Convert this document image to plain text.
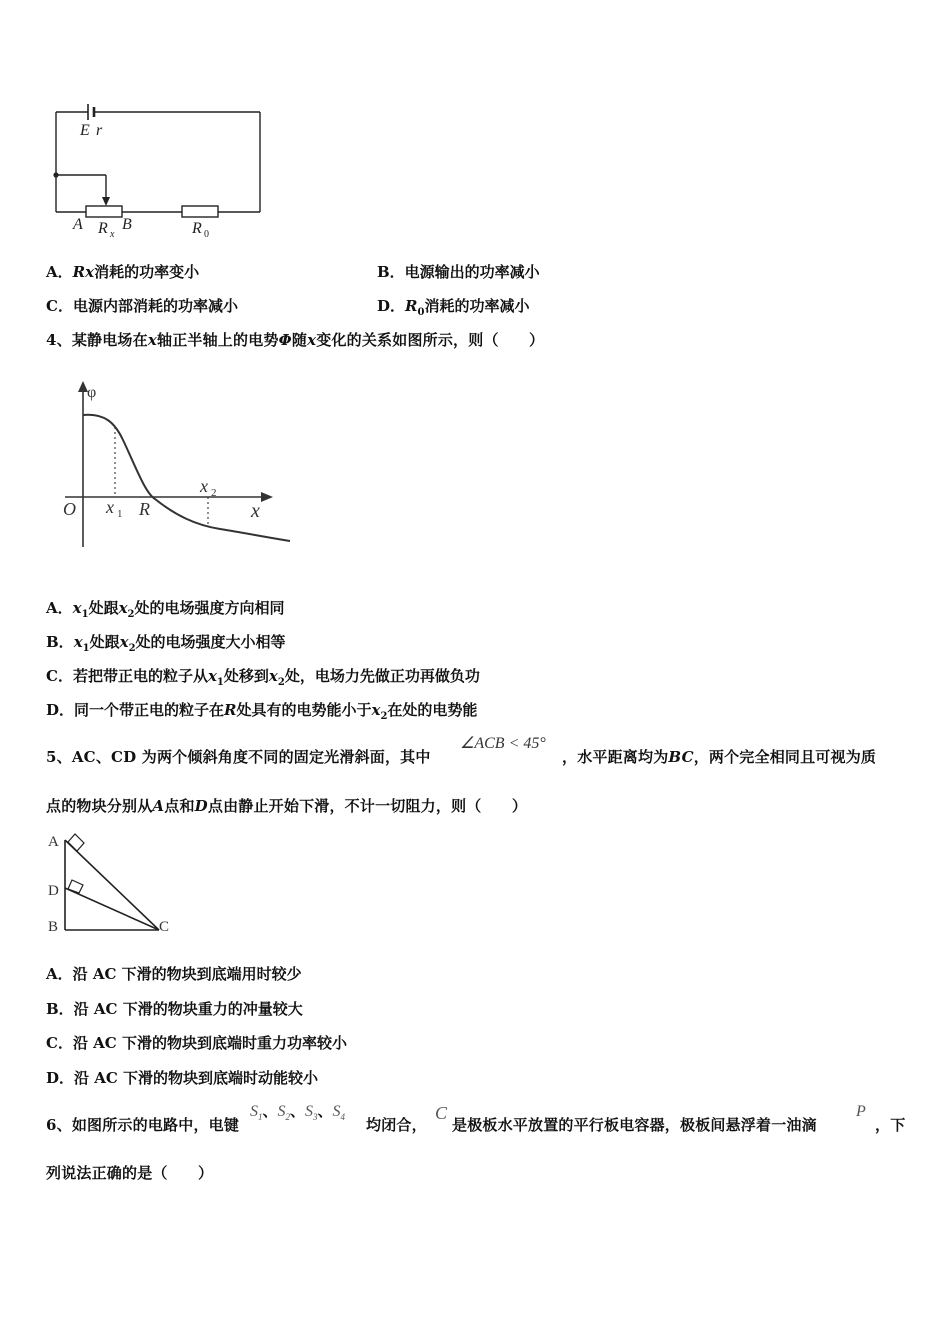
E r
A R x
B	R 0
A．Rx消耗的功率变小	B．电源输出的功率减小
C．电源内部消耗的功率减小	D．$R_0$消耗的功率减小
4、某静电场在x轴正半轴上的电势Φ随x变化的关系如图所示，则（　　）
φ
O x 1 R
x 2
x
A．$x_1$处跟$x_2$处的电场强度方向相同
B．$x_1$处跟$x_2$处的电场强度大小相等
C．若把带正电的粒子从$x_1$处移到$x_2$处，电场力先做正功再做负功
D．同一个带正电的粒子在R处具有的电势能小于$x_2$在处的电势能
5、AC、CD 为两个倾斜角度不同的固定光滑斜面，其中
∠ACB < 45°
，水平距离均为BC，两个完全相同且可视为质
点的物块分别从A点和D点由静止开始下滑，不计一切阻力，则（　　）
A
D
B	C
A．沿 AC 下滑的物块到底端用时较少
B．沿 AC 下滑的物块重力的冲量较大
C．沿 AC 下滑的物块到底端时重力功率较小
D．沿 AC 下滑的物块到底端时动能较小
6、如图所示的电路中，电键
$S_1$、$S_2$、$S_3$、$S_4$ 均闭合，
C
是极板水平放置的平行板电容器，极板间悬浮着一油滴
P
，下
列说法正确的是（　　）
